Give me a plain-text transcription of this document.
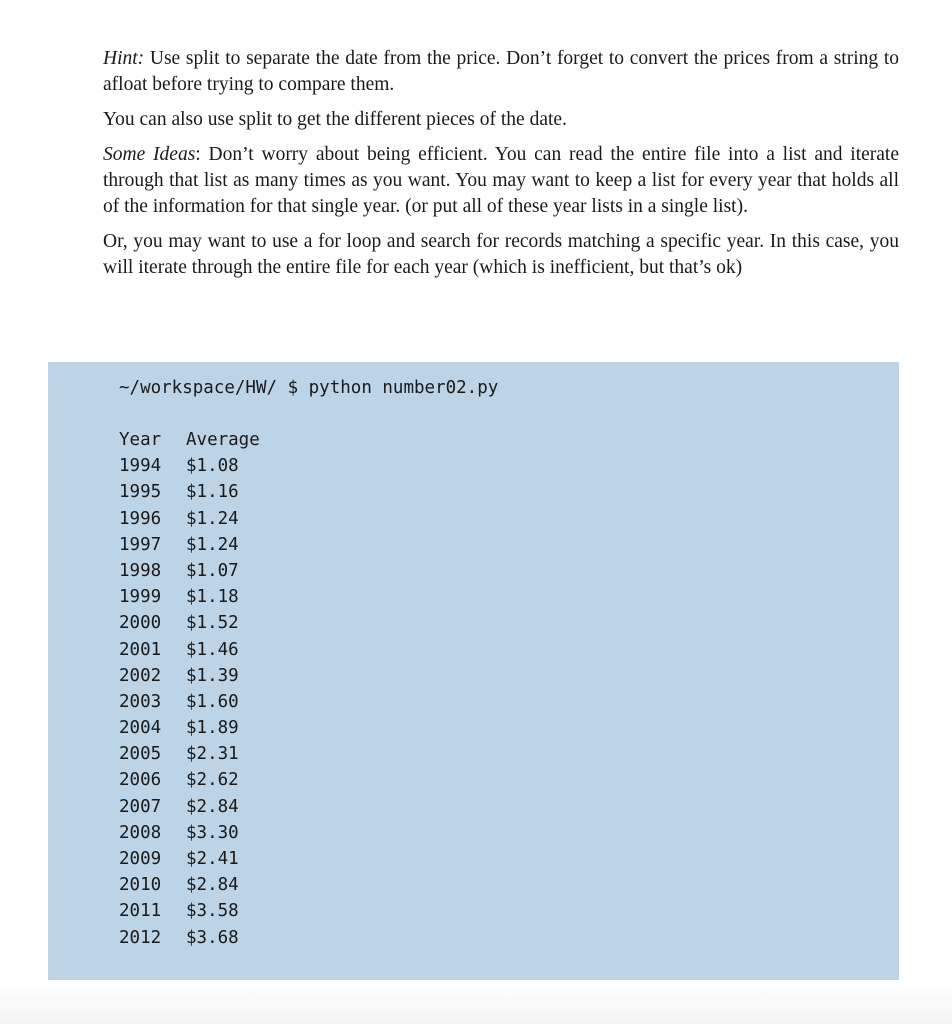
Hint: Use split to separate the date from the price. Don’t forget to convert the prices from a string to afloat before trying to compare them.

You can also use split to get the different pieces of the date.

Some Ideas: Don’t worry about being efficient. You can read the entire file into a list and iterate through that list as many times as you want. You may want to keep a list for every year that holds all of the information for that single year. (or put all of these year lists in a single list).

Or, you may want to use a for loop and search for records matching a specific year. In this case, you will iterate through the entire file for each year (which is inefficient, but that’s ok)

~/workspace/HW/ $ python number02.py
Year	Average
1994	$1.08
1995	$1.16
1996	$1.24
1997	$1.24
1998	$1.07
1999	$1.18
2000	$1.52
2001	$1.46
2002	$1.39
2003	$1.60
2004	$1.89
2005	$2.31
2006	$2.62
2007	$2.84
2008	$3.30
2009	$2.41
2010	$2.84
2011	$3.58
2012	$3.68
